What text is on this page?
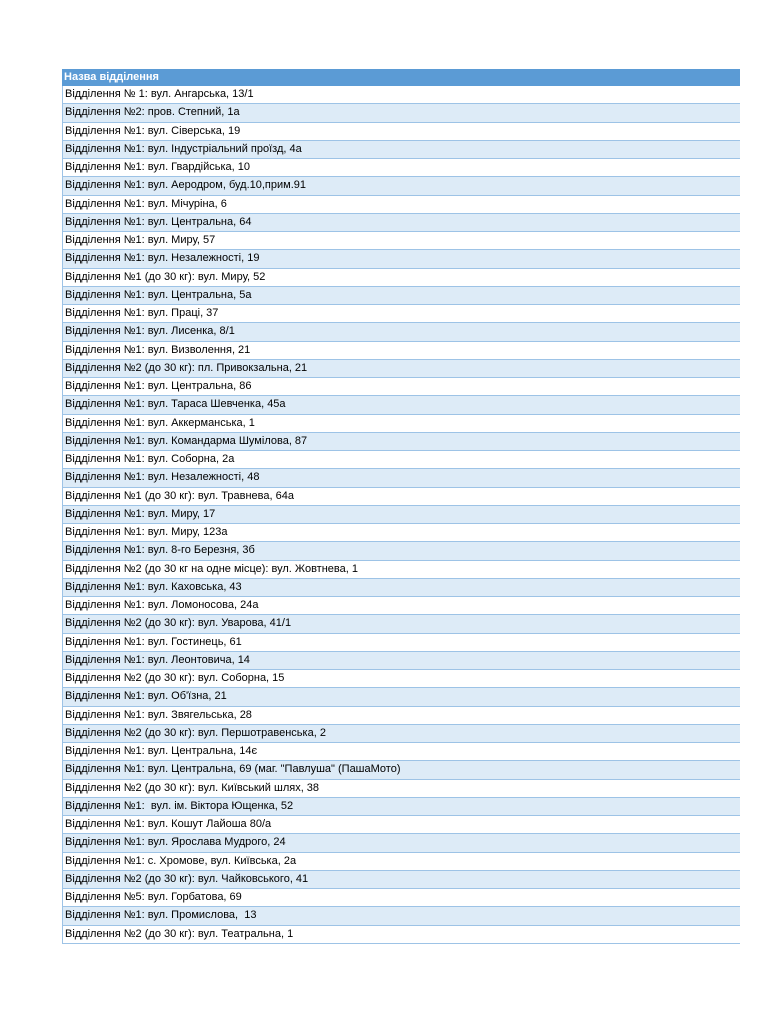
Назва відділення
Відділення № 1: вул. Ангарська, 13/1
Відділення №2: пров. Степний, 1а
Відділення №1: вул. Сіверська, 19
Відділення №1: вул. Індустріальний проїзд, 4а
Відділення №1: вул. Гвардійська, 10
Відділення №1: вул. Аеродром, буд.10,прим.91
Відділення №1: вул. Мічуріна, 6
Відділення №1: вул. Центральна, 64
Відділення №1: вул. Миру, 57
Відділення №1: вул. Незалежності, 19
Відділення №1 (до 30 кг): вул. Миру, 52
Відділення №1: вул. Центральна, 5а
Відділення №1: вул. Праці, 37
Відділення №1: вул. Лисенка, 8/1
Відділення №1: вул. Визволення, 21
Відділення №2 (до 30 кг): пл. Привокзальна, 21
Відділення №1: вул. Центральна, 86
Відділення №1: вул. Тараса Шевченка, 45а
Відділення №1: вул. Аккерманська, 1
Відділення №1: вул. Командарма Шумілова, 87
Відділення №1: вул. Соборна, 2а
Відділення №1: вул. Незалежності, 48
Відділення №1 (до 30 кг): вул. Травнева, 64а
Відділення №1: вул. Миру, 17
Відділення №1: вул. Миру, 123а
Відділення №1: вул. 8-го Березня, 3б
Відділення №2 (до 30 кг на одне місце): вул. Жовтнева, 1
Відділення №1: вул. Каховська, 43
Відділення №1: вул. Ломоносова, 24а
Відділення №2 (до 30 кг): вул. Уварова, 41/1
Відділення №1: вул. Гостинець, 61
Відділення №1: вул. Леонтовича, 14
Відділення №2 (до 30 кг): вул. Соборна, 15
Відділення №1: вул. Об'їзна, 21
Відділення №1: вул. Звягельська, 28
Відділення №2 (до 30 кг): вул. Першотравенська, 2
Відділення №1: вул. Центральна, 14є
Відділення №1: вул. Центральна, 69 (маг. "Павлуша" (ПашаМото)
Відділення №2 (до 30 кг): вул. Київський шлях, 38
Відділення №1:  вул. ім. Віктора Ющенка, 52
Відділення №1: вул. Кошут Лайоша 80/а
Відділення №1: вул. Ярослава Мудрого, 24
Відділення №1: с. Хромове, вул. Київська, 2а
Відділення №2 (до 30 кг): вул. Чайковського, 41
Відділення №5: вул. Горбатова, 69
Відділення №1: вул. Промислова,  13
Відділення №2 (до 30 кг): вул. Театральна, 1
